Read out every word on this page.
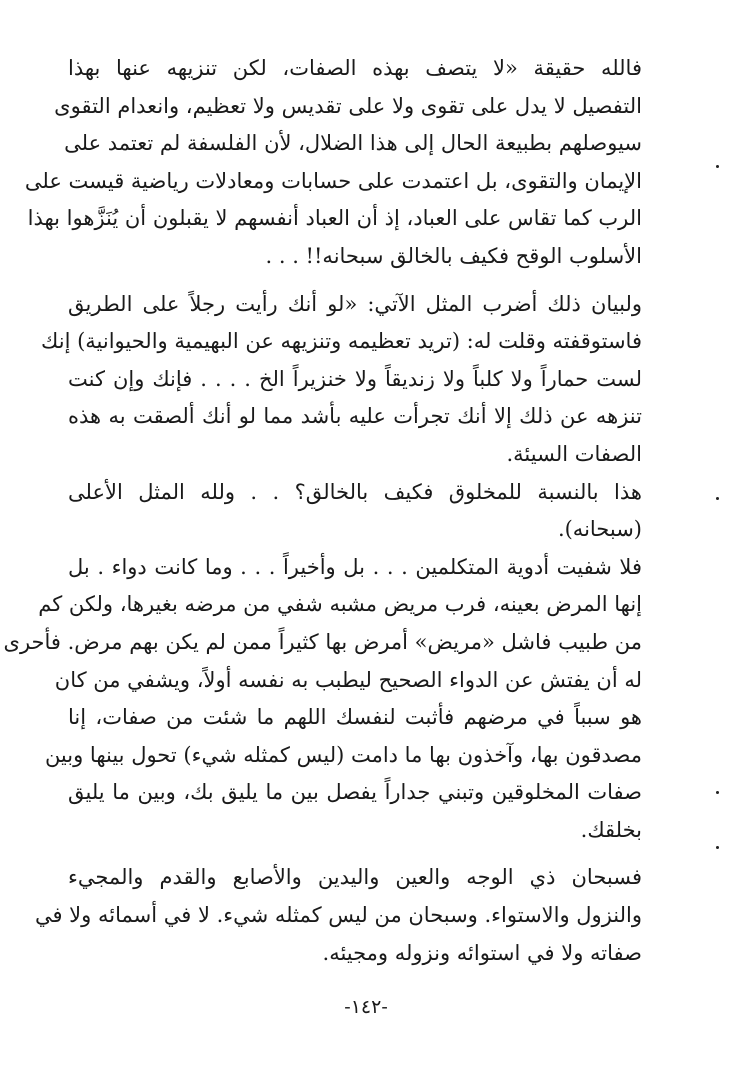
فالله حقيقة «لا يتصف بهذه الصفات، لكن تنزيهه عنها بهذا
التفصيل لا يدل على تقوى ولا على تقديس ولا تعظيم، وانعدام التقوى
سيوصلهم بطبيعة الحال إلى هذا الضلال، لأن الفلسفة لم تعتمد على
الإيمان والتقوى، بل اعتمدت على حسابات ومعادلات رياضية قيست على
الرب كما تقاس على العباد، إذ أن العباد أنفسهم لا يقبلون أن يُنَزَّهوا بهذا
الأسلوب الوقح فكيف بالخالق سبحانه!! . . .
ولبيان ذلك أضرب المثل الآتي: «لو أنك رأيت رجلاً على الطريق
فاستوقفته وقلت له: (تريد تعظيمه وتنزيهه عن البهيمية والحيوانية) إنك
لست حماراً ولا كلباً ولا زنديقاً ولا خنزيراً الخ . . . . فإنك وإن كنت
تنزهه عن ذلك إلا أنك تجرأت عليه بأشد مما لو أنك ألصقت به هذه
الصفات السيئة.
هذا بالنسبة للمخلوق فكيف بالخالق؟ . . ولله المثل الأعلى
(سبحانه).
فلا شفيت أدوية المتكلمين . . . بل وأخيراً . . . وما كانت دواء . بل
إنها المرض بعينه، فرب مريض مشبه شفي من مرضه بغيرها، ولكن كم
من طبيب فاشل «مريض» أمرض بها كثيراً ممن لم يكن بهم مرض. فأحرى
له أن يفتش عن الدواء الصحيح ليطبب به نفسه أولاً، ويشفي من كان
هو سبباً في مرضهم فأثبت لنفسك اللهم ما شئت من صفات، إنا
مصدقون بها، وآخذون بها ما دامت (ليس كمثله شيء) تحول بينها وبين
صفات المخلوقين وتبني جداراً يفصل بين ما يليق بك، وبين ما يليق
بخلقك.
فسبحان ذي الوجه والعين واليدين والأصابع والقدم والمجيء
والنزول والاستواء. وسبحان من ليس كمثله شيء. لا في أسمائه ولا في
صفاته ولا في استوائه ونزوله ومجيئه.
-١٤٢-
